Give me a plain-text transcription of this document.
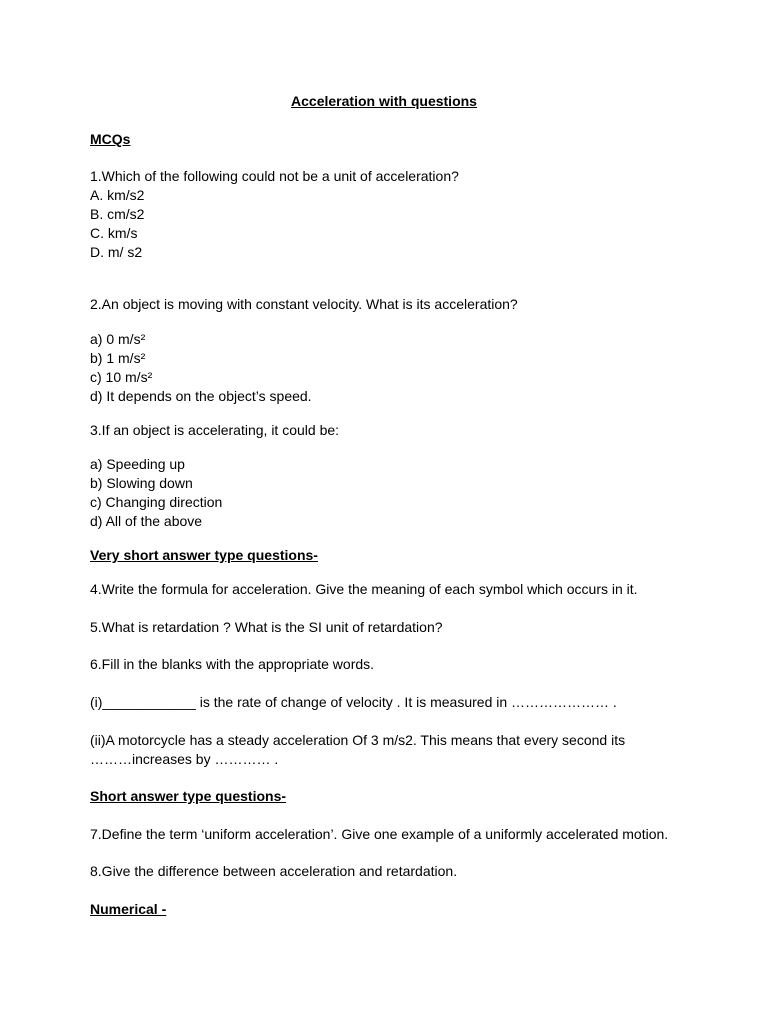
Acceleration with questions

MCQs

1.Which of the following could not be a unit of acceleration?

A. km/s2

B. cm/s2

C. km/s

D. m/ s2

2.An object is moving with constant velocity. What is its acceleration?

a) 0 m/s²

b) 1 m/s²

c) 10 m/s²

d) It depends on the object’s speed.

3.If an object is accelerating, it could be:

a) Speeding up

b) Slowing down

c) Changing direction

d) All of the above

Very short answer type questions-

4.Write the formula for acceleration. Give the meaning of each symbol which occurs in it.

5.What is retardation ? What is the SI unit of retardation?

6.Fill in the blanks with the appropriate words.

(i)____________ is the rate of change of velocity . It is measured in ………………… .

(ii)A motorcycle has a steady acceleration Of 3 m/s2. This means that every second its

………increases by ………… .

Short answer type questions-

7.Define the term ‘uniform acceleration’. Give one example of a uniformly accelerated motion.

8.Give the difference between acceleration and retardation.

Numerical -
